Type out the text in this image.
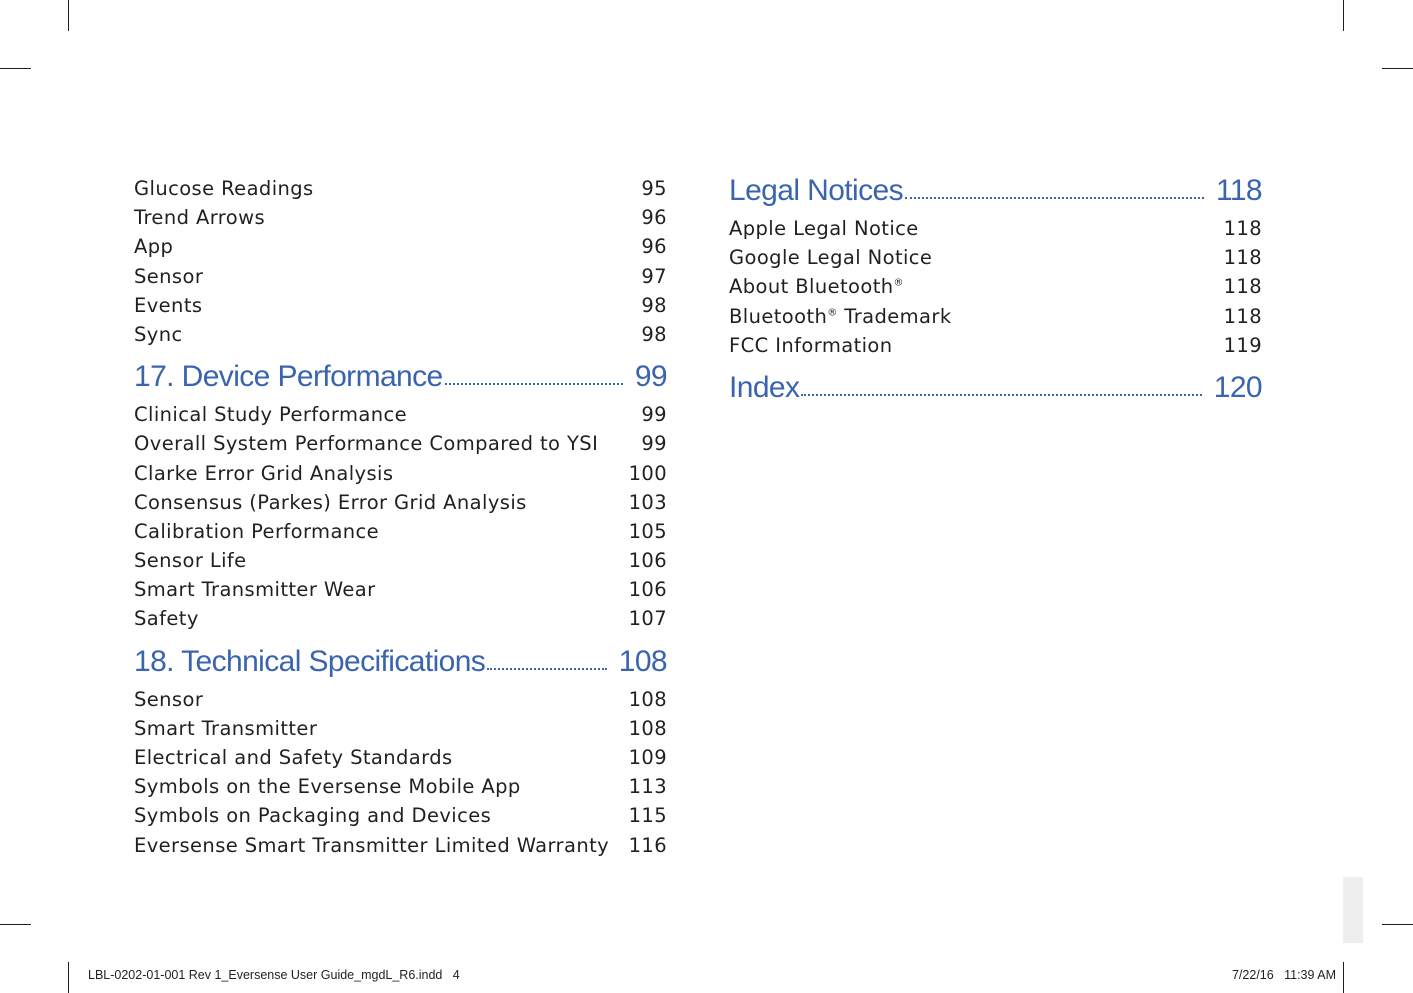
Glucose Readings	95
Trend Arrows	96
App	96
Sensor	97
Events	98
Sync	98
17. Device Performance	99
Clinical Study Performance	99
Overall System Performance Compared to YSI 99
Clarke Error Grid Analysis	100
Consensus (Parkes) Error Grid Analysis	103
Calibration Performance	105
Sensor Life	106
Smart Transmitter Wear	106
Safety	107
18. Technical Specifications	108
Sensor	108
Smart Transmitter	108
Electrical and Safety Standards	109
Symbols on the Eversense Mobile App	113
Symbols on Packaging and Devices	115
Eversense Smart Transmitter Limited Warranty 116
Legal Notices	118
Apple Legal Notice	118
Google Legal Notice	118
About Bluetooth®	118
Bluetooth® Trademark	118
FCC Information	119
Index	120
LBL-0202-01-001 Rev 1_Eversense User Guide_mgdL_R6.indd   4	7/22/16   11:39 AM
